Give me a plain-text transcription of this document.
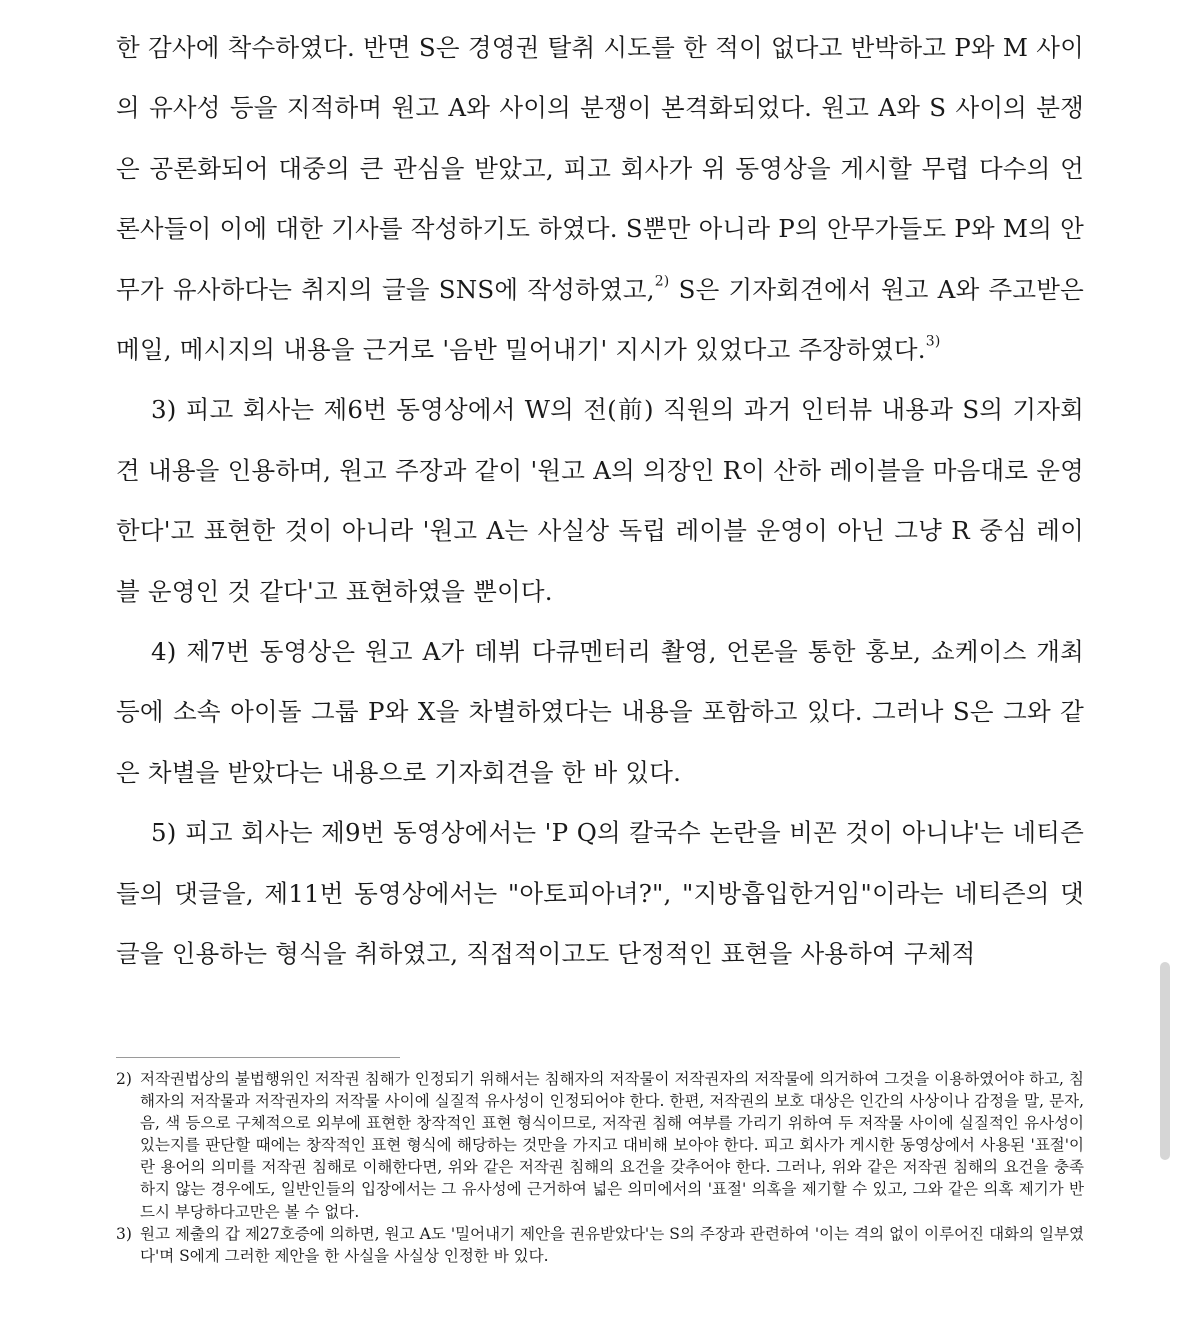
한 감사에 착수하였다. 반면 S은 경영권 탈취 시도를 한 적이 없다고 반박하고 P와 M 사이의 유사성 등을 지적하며 원고 A와 사이의 분쟁이 본격화되었다. 원고 A와 S 사이의 분쟁은 공론화되어 대중의 큰 관심을 받았고, 피고 회사가 위 동영상을 게시할 무렵 다수의 언론사들이 이에 대한 기사를 작성하기도 하였다. S뿐만 아니라 P의 안무가들도 P와 M의 안무가 유사하다는 취지의 글을 SNS에 작성하였고,$^{2)}$ S은 기자회견에서 원고 A와 주고받은 메일, 메시지의 내용을 근거로 '음반 밀어내기' 지시가 있었다고 주장하였다.$^{3)}$

3) 피고 회사는 제6번 동영상에서 W의 전(前) 직원의 과거 인터뷰 내용과 S의 기자회견 내용을 인용하며, 원고 주장과 같이 '원고 A의 의장인 R이 산하 레이블을 마음대로 운영한다'고 표현한 것이 아니라 '원고 A는 사실상 독립 레이블 운영이 아닌 그냥 R 중심 레이블 운영인 것 같다'고 표현하였을 뿐이다.

4) 제7번 동영상은 원고 A가 데뷔 다큐멘터리 촬영, 언론을 통한 홍보, 쇼케이스 개최 등에 소속 아이돌 그룹 P와 X을 차별하였다는 내용을 포함하고 있다. 그러나 S은 그와 같은 차별을 받았다는 내용으로 기자회견을 한 바 있다.

5) 피고 회사는 제9번 동영상에서는 'P Q의 칼국수 논란을 비꼰 것이 아니냐'는 네티즌들의 댓글을, 제11번 동영상에서는 "아토피아녀?", "지방흡입한거임"이라는 네티즌의 댓글을 인용하는 형식을 취하였고, 직접적이고도 단정적인 표현을 사용하여 구체적

2) 저작권법상의 불법행위인 저작권 침해가 인정되기 위해서는 침해자의 저작물이 저작권자의 저작물에 의거하여 그것을 이용하였어야 하고, 침해자의 저작물과 저작권자의 저작물 사이에 실질적 유사성이 인정되어야 한다. 한편, 저작권의 보호 대상은 인간의 사상이나 감정을 말, 문자, 음, 색 등으로 구체적으로 외부에 표현한 창작적인 표현 형식이므로, 저작권 침해 여부를 가리기 위하여 두 저작물 사이에 실질적인 유사성이 있는지를 판단할 때에는 창작적인 표현 형식에 해당하는 것만을 가지고 대비해 보아야 한다. 피고 회사가 게시한 동영상에서 사용된 '표절'이란 용어의 의미를 저작권 침해로 이해한다면, 위와 같은 저작권 침해의 요건을 갖추어야 한다. 그러나, 위와 같은 저작권 침해의 요건을 충족하지 않는 경우에도, 일반인들의 입장에서는 그 유사성에 근거하여 넓은 의미에서의 '표절' 의혹을 제기할 수 있고, 그와 같은 의혹 제기가 반드시 부당하다고만은 볼 수 없다.

3) 원고 제출의 갑 제27호증에 의하면, 원고 A도 '밀어내기 제안을 권유받았다'는 S의 주장과 관련하여 '이는 격의 없이 이루어진 대화의 일부였다'며 S에게 그러한 제안을 한 사실을 사실상 인정한 바 있다.
